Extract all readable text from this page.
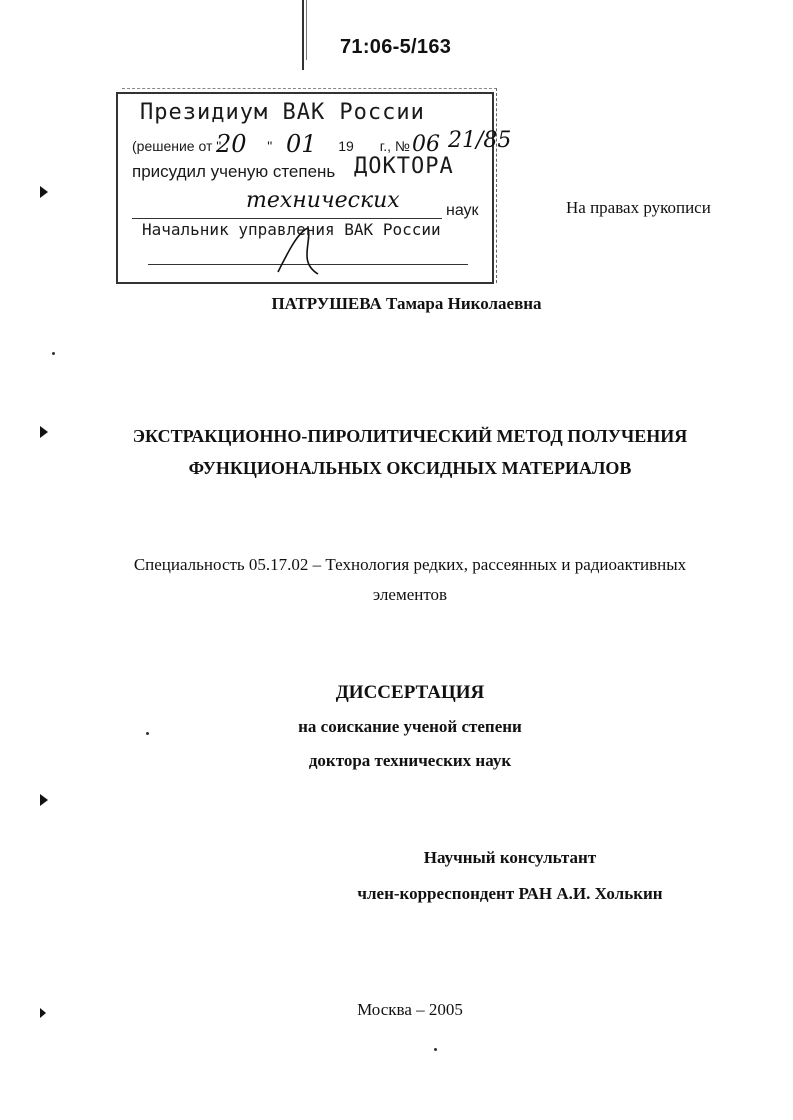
71:06-5/163
Президиум ВАК России
(решение от "	"	19 г., №
присудил ученую степень ДОКТОРА
наук
Начальник управления ВАК России
20 01	06 21/85
технических	На правах рукописи
ПАТРУШЕВА Тамара Николаевна
ЭКСТРАКЦИОННО-ПИРОЛИТИЧЕСКИЙ МЕТОД ПОЛУЧЕНИЯ
ФУНКЦИОНАЛЬНЫХ ОКСИДНЫХ МАТЕРИАЛОВ
Специальность 05.17.02 – Технология редких, рассеянных и радиоактивных
элементов
ДИССЕРТАЦИЯ
на соискание ученой степени
доктора технических наук
Научный консультант
член-корреспондент РАН А.И. Холькин
Москва – 2005
